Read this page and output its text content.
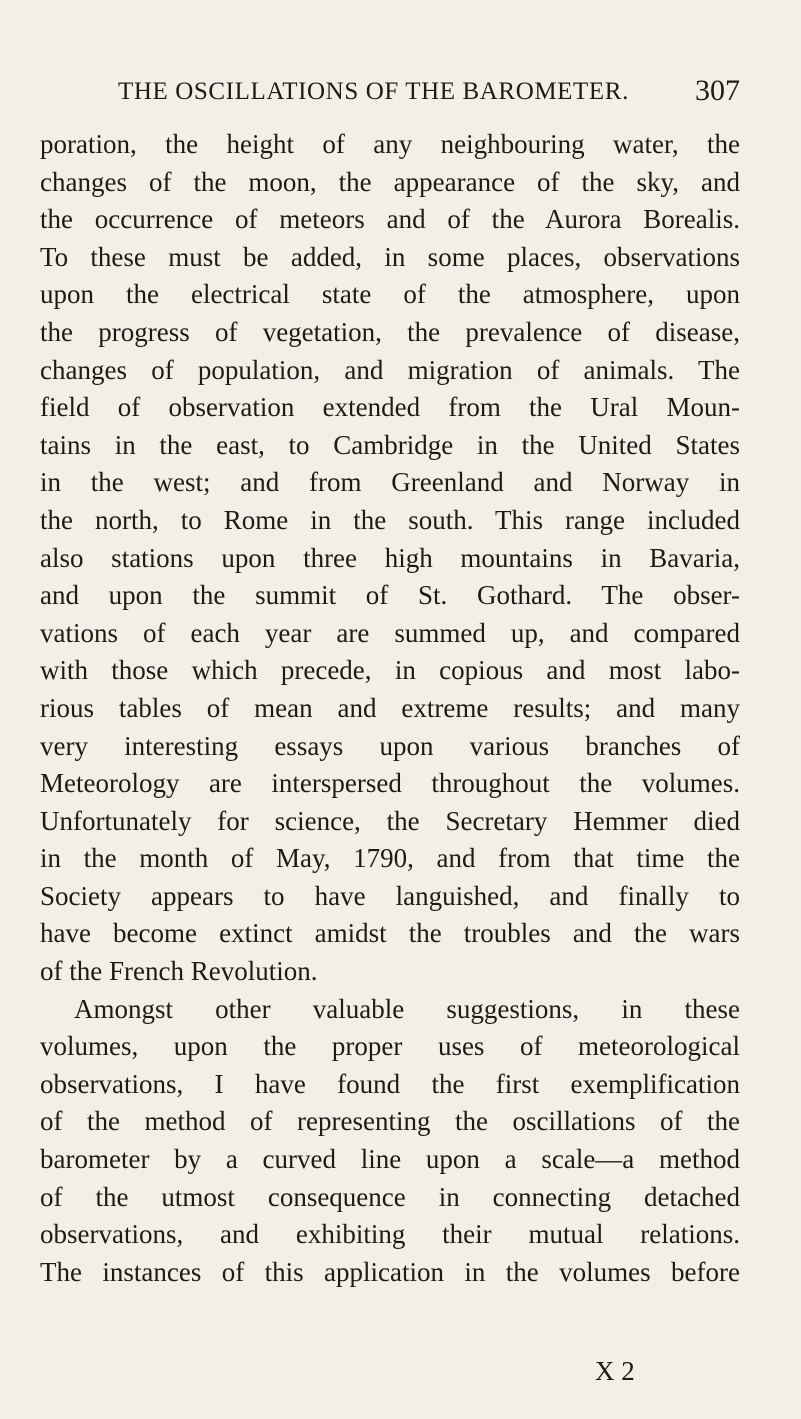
THE OSCILLATIONS OF THE BAROMETER. 307
poration, the height of any neighbouring water, the
changes of the moon, the appearance of the sky, and
the occurrence of meteors and of the Aurora Borealis.
To these must be added, in some places, observations
upon the electrical state of the atmosphere, upon
the progress of vegetation, the prevalence of disease,
changes of population, and migration of animals. The
field of observation extended from the Ural Moun-
tains in the east, to Cambridge in the United States
in the west; and from Greenland and Norway in
the north, to Rome in the south. This range included
also stations upon three high mountains in Bavaria,
and upon the summit of St. Gothard. The obser-
vations of each year are summed up, and compared
with those which precede, in copious and most labo-
rious tables of mean and extreme results; and many
very interesting essays upon various branches of
Meteorology are interspersed throughout the volumes.
Unfortunately for science, the Secretary Hemmer died
in the month of May, 1790, and from that time the
Society appears to have languished, and finally to
have become extinct amidst the troubles and the wars
of the French Revolution.
Amongst other valuable suggestions, in these
volumes, upon the proper uses of meteorological
observations, I have found the first exemplification
of the method of representing the oscillations of the
barometer by a curved line upon a scale—a method
of the utmost consequence in connecting detached
observations, and exhibiting their mutual relations.
The instances of this application in the volumes before
X 2
